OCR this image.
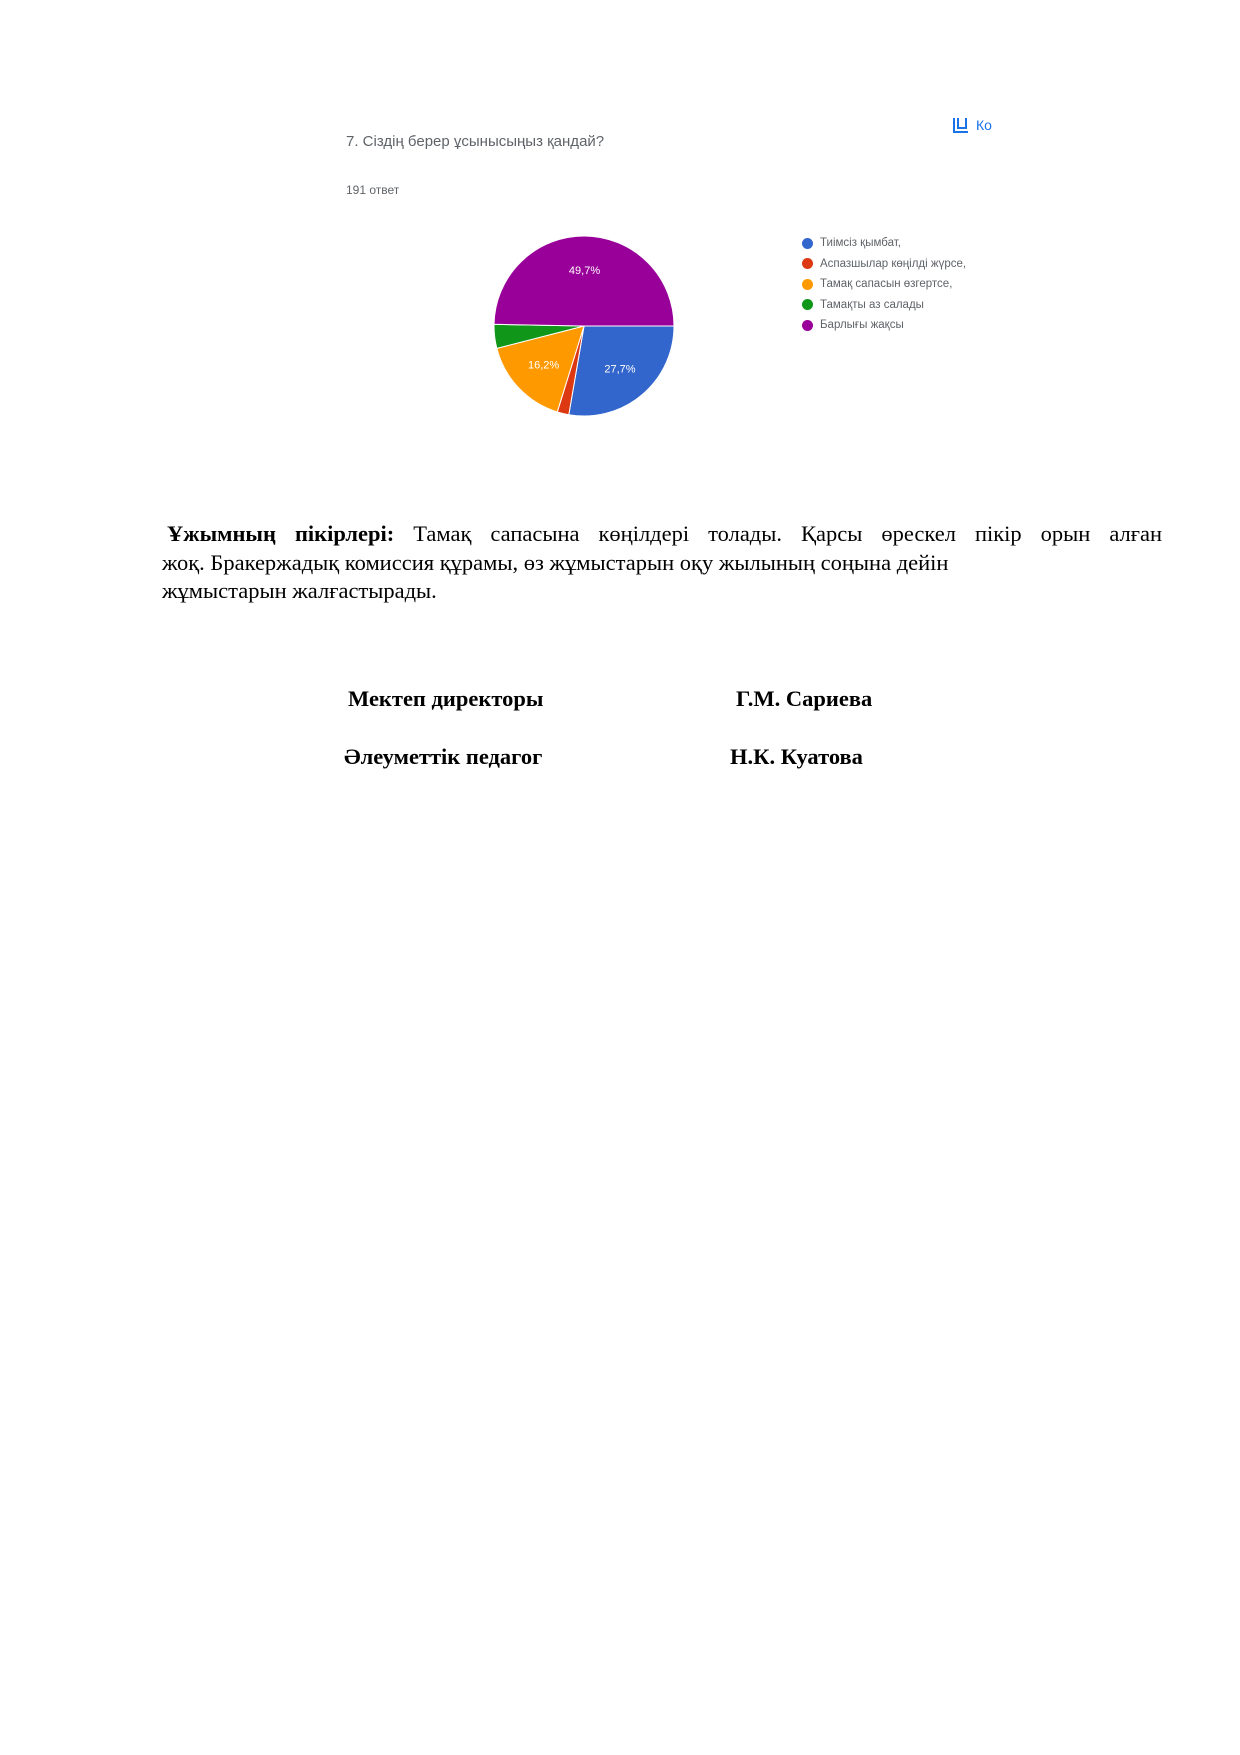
7. Сіздің берер ұсынысыңыз қандай?
191 ответ
Ко
27,7%
16,2%
49,7%
Тиімсіз қымбат,
Аспазшылар көңілді жүрсе,
Тамақ сапасын өзгертсе,
Тамақты аз салады
Барлығы жақсы

Ұжымның пікірлері: Тамақ сапасына көңілдері толады. Қарсы өрескел пікір орын алған
жоқ. Бракержадық комиссия құрамы, өз жұмыстарын оқу жылының соңына дейін
жұмыстарын жалғастырады.

Мектеп директоры	Г.М. Сариева

Әлеуметтік педагог	Н.К. Куатова
